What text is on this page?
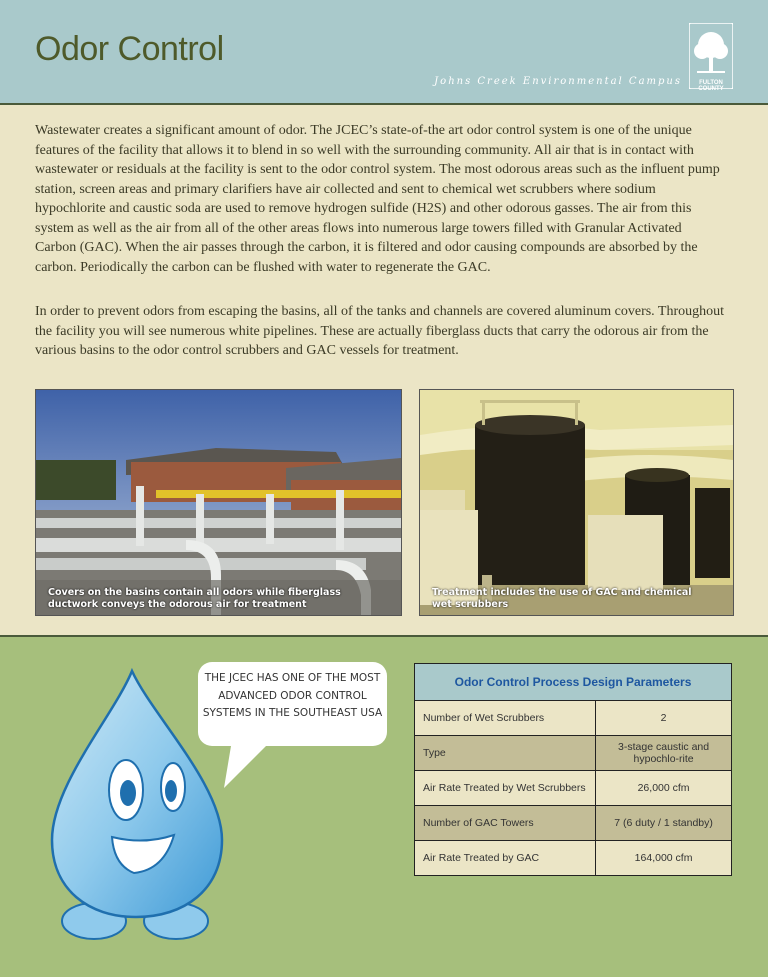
Odor Control
Johns Creek Environmental Campus	FULTON COUNTY

Wastewater creates a significant amount of odor. The JCEC’s state-of-the art odor control system is one of the unique features of the facility that allows it to blend in so well with the surrounding community. All air that is in contact with wastewater or residuals at the facility is sent to the odor control system. The most odorous areas such as the influent pump station, screen areas and primary clarifiers have air collected and sent to chemical wet scrubbers where sodium hypochlorite and caustic soda are used to remove hydrogen sulfide (H2S) and other odorous gasses. The air from this system as well as the air from all of the other areas flows into numerous large towers filled with Granular Activated Carbon (GAC). When the air passes through the carbon, it is filtered and odor causing compounds are absorbed by the carbon. Periodically the carbon can be flushed with water to regenerate the GAC.

In order to prevent odors from escaping the basins, all of the tanks and channels are covered aluminum covers. Throughout the facility you will see numerous white pipelines. These are actually fiberglass ducts that carry the odorous air from the various basins to the odor control scrubbers and GAC vessels for treatment.

Covers on the basins contain all odors while fiberglass ductwork conveys the odorous air for treatment
Treatment includes the use of GAC and chemical wet scrubbers
THE JCEC HAS ONE OF THE MOST ADVANCED ODOR CONTROL SYSTEMS IN THE SOUTHEAST USA
Odor Control Process Design Parameters	
Number of Wet Scrubbers	2
Type	3-stage caustic and hypochlo-rite
Air Rate Treated by Wet Scrubbers	26,000 cfm
Number of GAC Towers	7 (6 duty / 1 standby)
Air Rate Treated by GAC	164,000 cfm
